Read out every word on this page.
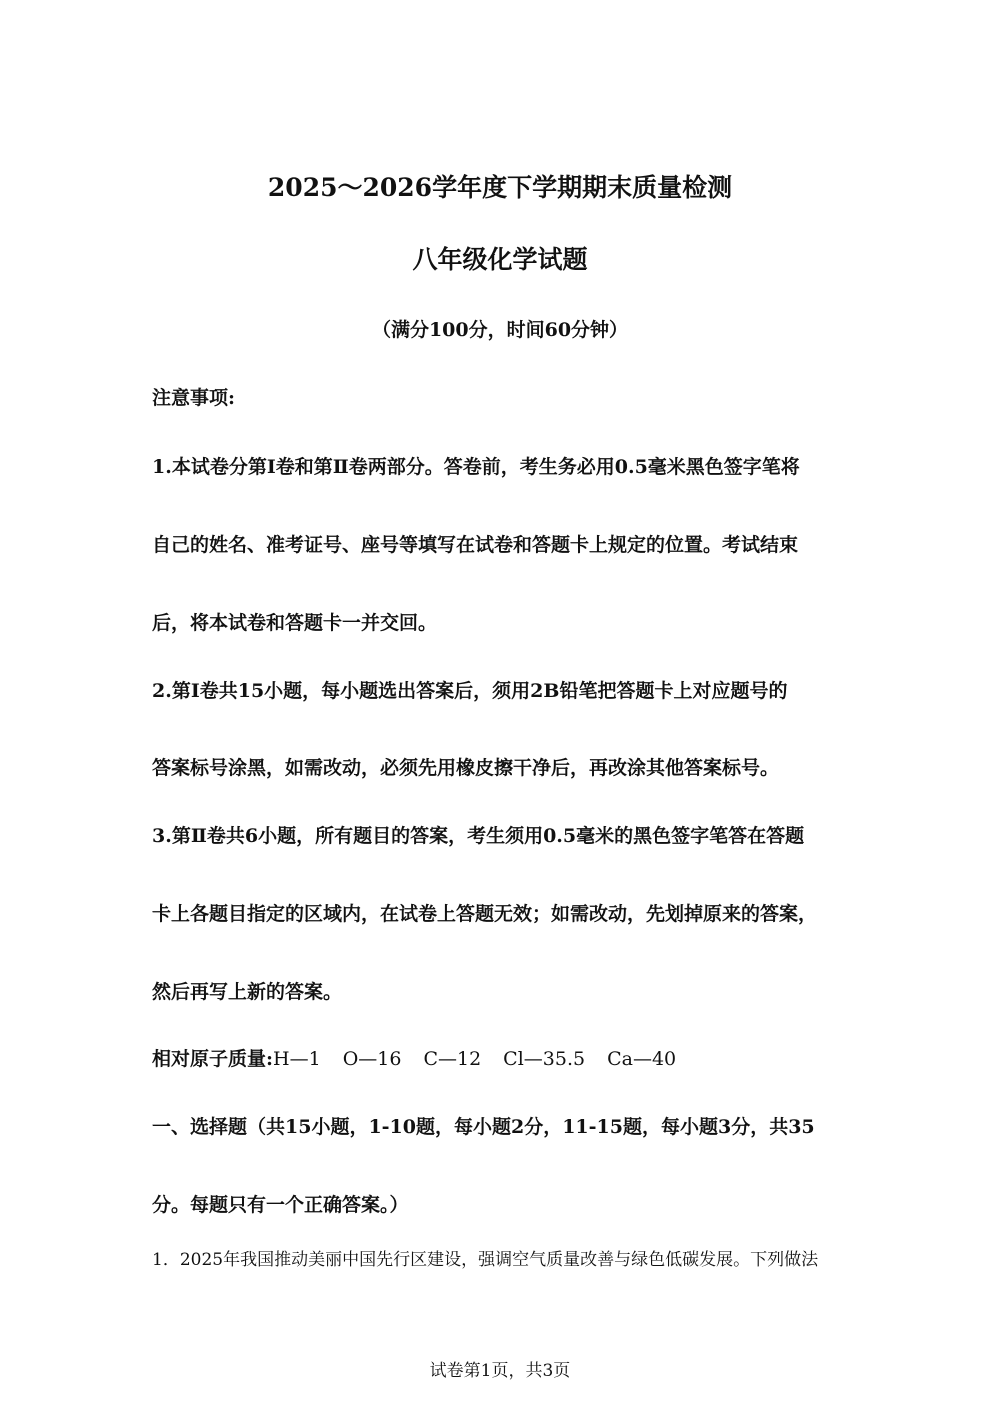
2025～2026学年度下学期期末质量检测
八年级化学试题
（满分100分，时间60分钟）
注意事项:
1.本试卷分第Ⅰ卷和第Ⅱ卷两部分。答卷前，考生务必用0.5毫米黑色签字笔将
自己的姓名、准考证号、座号等填写在试卷和答题卡上规定的位置。考试结束
后，将本试卷和答题卡一并交回。
2.第Ⅰ卷共15小题，每小题选出答案后，须用2B铅笔把答题卡上对应题号的
答案标号涂黑，如需改动，必须先用橡皮擦干净后，再改涂其他答案标号。
3.第Ⅱ卷共6小题，所有题目的答案，考生须用0.5毫米的黑色签字笔答在答题
卡上各题目指定的区域内，在试卷上答题无效；如需改动，先划掉原来的答案，
然后再写上新的答案。
相对原子质量:H—1 O—16 C—12 Cl—35.5 Ca—40
一、选择题（共15小题，1-10题，每小题2分，11-15题，每小题3分，共35
分。每题只有一个正确答案。）
1．2025年我国推动美丽中国先行区建设，强调空气质量改善与绿色低碳发展。下列做法
试卷第1页，共3页
